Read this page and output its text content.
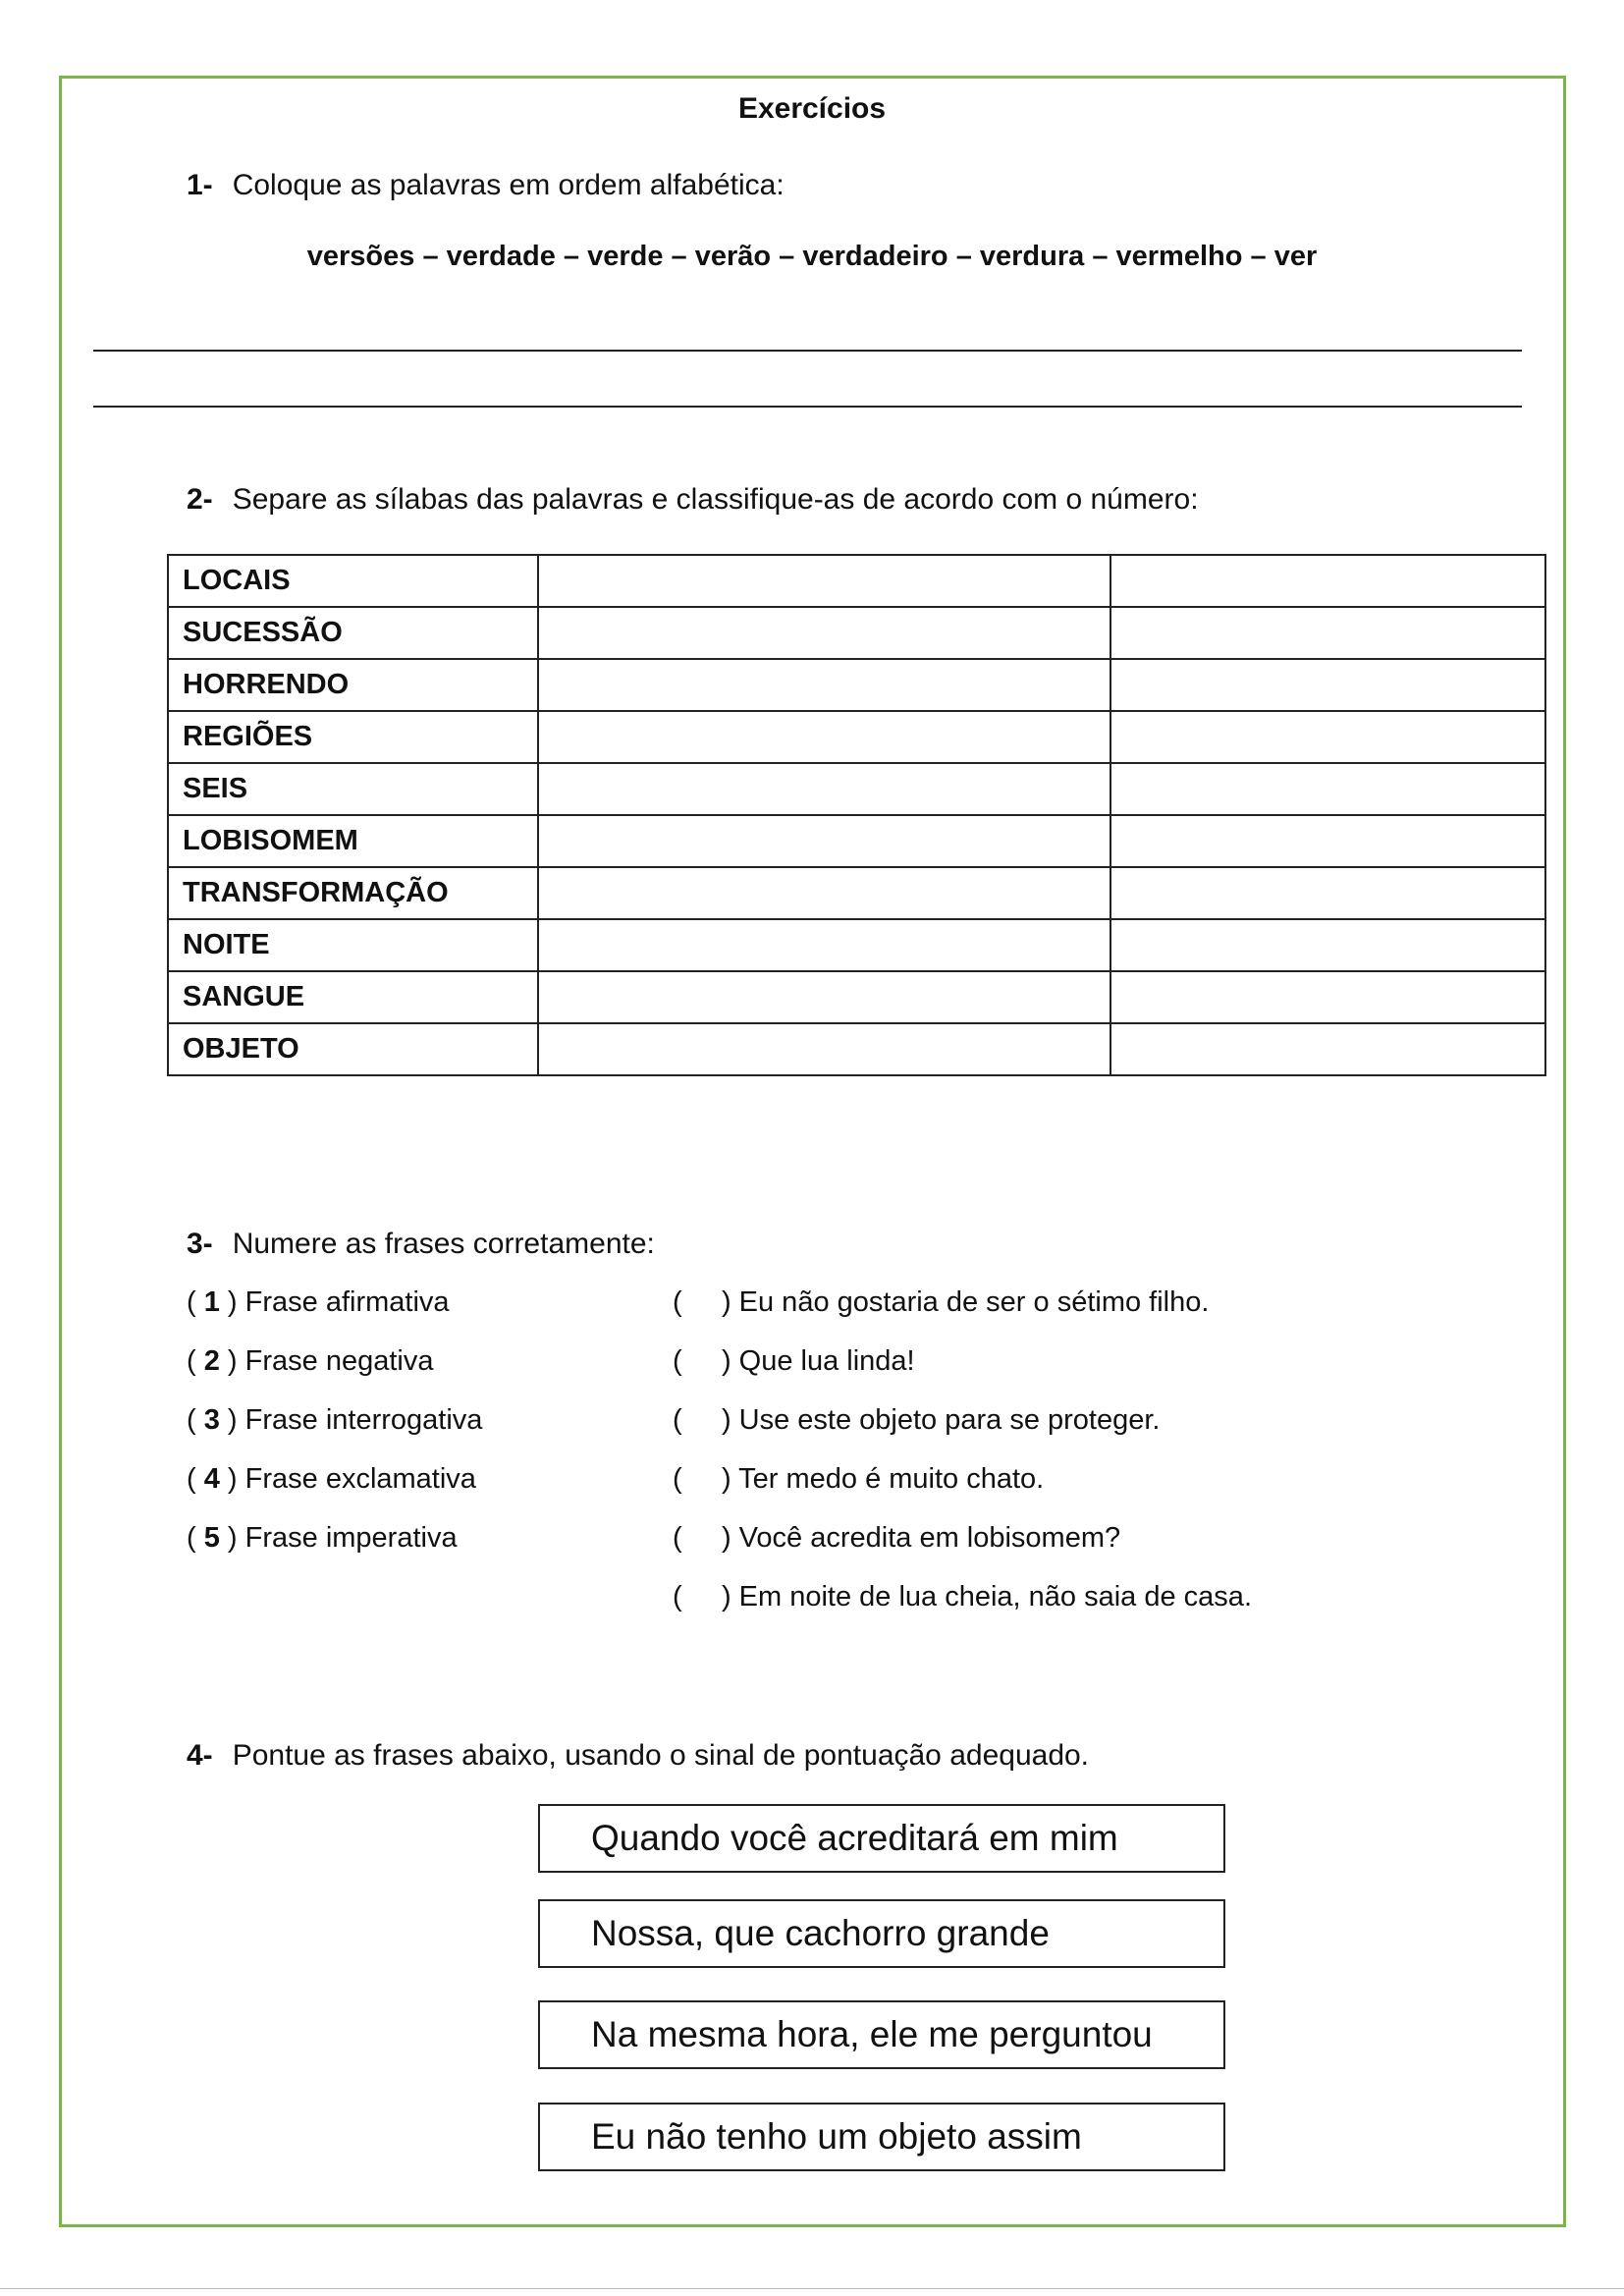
Exercícios
1- Coloque as palavras em ordem alfabética:
versões – verdade – verde – verão – verdadeiro – verdura – vermelho – ver
2- Separe as sílabas das palavras e classifique-as de acordo com o número:
LOCAIS		
SUCESSÃO		
HORRENDO		
REGIÕES		
SEIS		
LOBISOMEM		
TRANSFORMAÇÃO		
NOITE		
SANGUE		
OBJETO		
3- Numere as frases corretamente:
( 1 ) Frase afirmativa
( 2 ) Frase negativa
( 3 ) Frase interrogativa
( 4 ) Frase exclamativa
( 5 ) Frase imperativa
(     ) Eu não gostaria de ser o sétimo filho.
(     ) Que lua linda!
(     ) Use este objeto para se proteger.
(     ) Ter medo é muito chato.
(     ) Você acredita em lobisomem?
(     ) Em noite de lua cheia, não saia de casa.
4- Pontue as frases abaixo, usando o sinal de pontuação adequado.
Quando você acreditará em mim
Nossa, que cachorro grande
Na mesma hora, ele me perguntou
Eu não tenho um objeto assim
